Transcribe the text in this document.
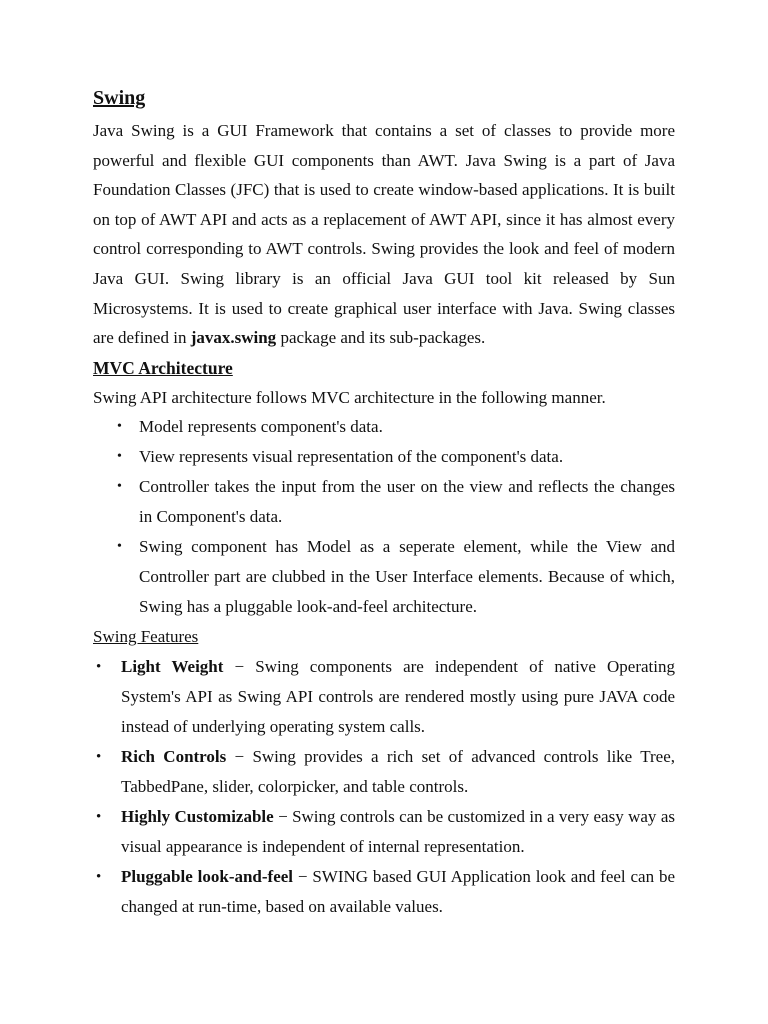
Swing

Java Swing is a GUI Framework that contains a set of classes to provide more powerful and flexible GUI components than AWT. Java Swing is a part of Java Foundation Classes (JFC) that is used to create window-based applications. It is built on top of AWT API and acts as a replacement of AWT API, since it has almost every control corresponding to AWT controls. Swing provides the look and feel of modern Java GUI. Swing library is an official Java GUI tool kit released by Sun Microsystems. It is used to create graphical user interface with Java. Swing classes are defined in javax.swing package and its sub-packages.

MVC Architecture

Swing API architecture follows MVC architecture in the following manner.

• Model represents component's data.
• View represents visual representation of the component's data.
• Controller takes the input from the user on the view and reflects the changes in Component's data.
• Swing component has Model as a seperate element, while the View and Controller part are clubbed in the User Interface elements. Because of which, Swing has a pluggable look-and-feel architecture.
Swing Features
• Light Weight − Swing components are independent of native Operating System's API as Swing API controls are rendered mostly using pure JAVA code instead of underlying operating system calls.
• Rich Controls − Swing provides a rich set of advanced controls like Tree, TabbedPane, slider, colorpicker, and table controls.
• Highly Customizable − Swing controls can be customized in a very easy way as visual appearance is independent of internal representation.
• Pluggable look-and-feel − SWING based GUI Application look and feel can be changed at run-time, based on available values.
